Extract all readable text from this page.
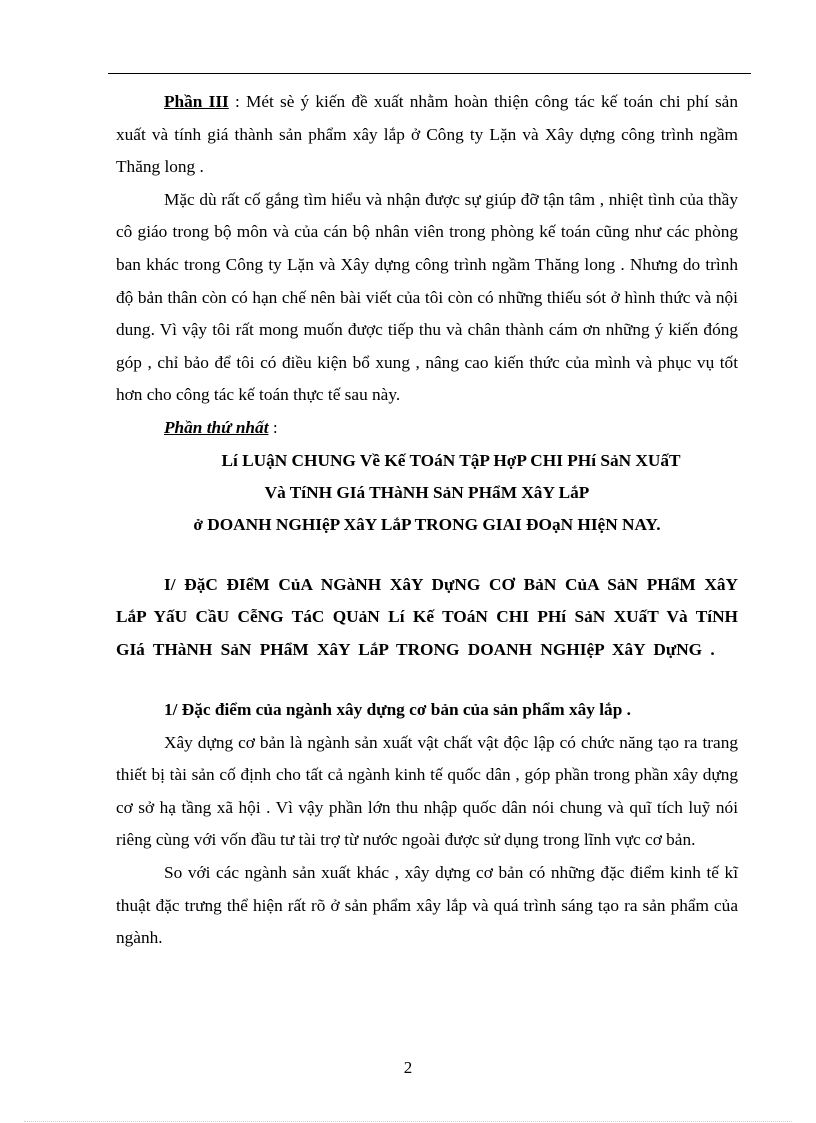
Phần III : Mét sè ý kiến đề xuất nhằm hoàn thiện công tác kế toán chi phí sản xuất và tính giá thành sản phẩm xây lắp ở Công ty Lặn và Xây dựng công trình ngầm Thăng long .

Mặc dù rất cố gắng tìm hiểu và nhận được sự giúp đỡ tận tâm , nhiệt tình của thầy cô giáo trong bộ môn và của cán bộ nhân viên trong phòng kế toán cũng như các phòng ban khác trong Công ty Lặn và Xây dựng công trình ngầm Thăng long . Nhưng do trình độ bản thân còn có hạn chế nên bài viết của tôi còn có những thiếu sót ở hình thức và nội dung. Vì vậy tôi rất mong muốn được tiếp thu và chân thành cám ơn những ý kiến đóng góp , chỉ bảo để tôi có điều kiện bổ xung , nâng cao kiến thức của mình và phục vụ tốt hơn cho công tác kế toán thực tế sau này.

Phần thứ nhất :

Lí LUậN CHUNG Về Kế TOáN TậP HợP CHI PHí SảN XUấT

Và TíNH GIá THàNH SảN PHẩM XâY LắP

ở DOANH NGHIệP XâY LắP TRONG GIAI ĐOạN HIệN NAY.

I/ ĐặC ĐIểM CủA NGàNH XâY DựNG CƠ BảN CủA SảN PHẩM XâY LắP YấU CầU CễNG TáC QUảN Lí Kế TOáN CHI PHí SảN XUấT Và TíNH GIá THàNH SảN PHẩM XâY LắP TRONG DOANH NGHIệP XâY DựNG .

1/ Đặc điểm của ngành xây dựng cơ bản của sản phẩm xây lắp .

Xây dựng cơ bản là ngành sản xuất vật chất vật độc lập có chức năng tạo ra trang thiết bị tài sản cố định cho tất cả ngành kinh tế quốc dân , góp phần trong phần xây dựng cơ sở hạ tầng xã hội . Vì vậy phần lớn thu nhập quốc dân nói chung và quĩ tích luỹ nói riêng cùng với vốn đầu tư tài trợ từ nước ngoài được sử dụng trong lĩnh vực cơ bản.

So với các ngành sản xuất khác , xây dựng cơ bản có những đặc điểm kinh tế kĩ thuật đặc trưng thể hiện rất rõ ở sản phẩm xây lắp và quá trình sáng tạo ra sản phẩm của ngành.

2
